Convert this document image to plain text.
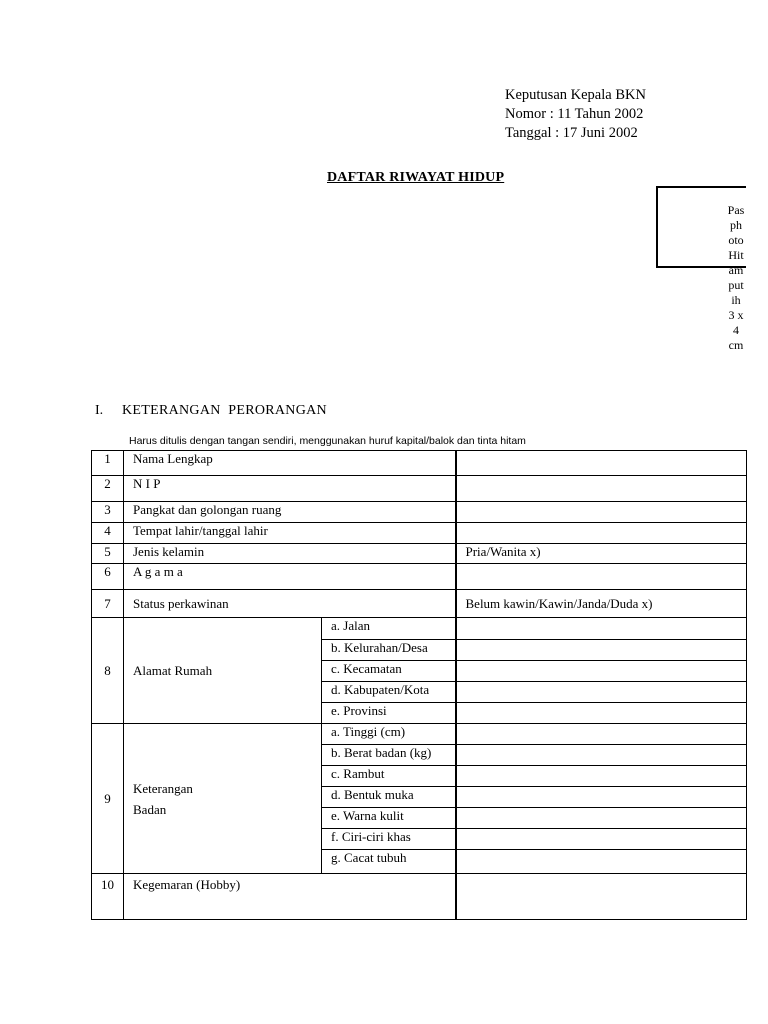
Keputusan Kepala BKN
Nomor : 11 Tahun 2002
Tanggal : 17 Juni 2002
DAFTAR RIWAYAT HIDUP
Pas
ph
oto
Hit
am
put
ih
3 x
4
cm
I. KETERANGAN  PERORANGAN
Harus ditulis dengan tangan sendiri, menggunakan huruf kapital/balok dan tinta hitam
1	Nama Lengkap		
2	N I P		
3	Pangkat dan golongan ruang		
4	Tempat lahir/tanggal lahir		
5	Jenis kelamin		Pria/Wanita x)
6	A g a m a		
7	Status perkawinan		Belum kawin/Kawin/Janda/Duda x)
8	Alamat Rumah	a. Jalan	
		b. Kelurahan/Desa	
		c. Kecamatan	
		d. Kabupaten/Kota	
		e. Provinsi	
9	Keterangan
Badan	a. Tinggi (cm)	
		b. Berat badan (kg)	
		c. Rambut	
		d. Bentuk muka	
		e. Warna kulit	
		f. Ciri-ciri khas	
		g. Cacat tubuh	
10	Kegemaran (Hobby)		
